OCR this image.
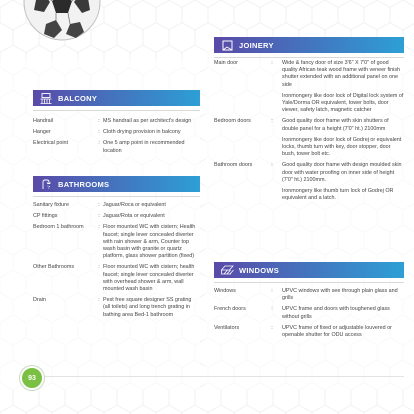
JOINERY
Main door	:	Wide & fancy door of size 3'6" X 7'0" of good quality African teak wood frame with veneer finish shutter extended with an additional panel on one side
Ironmongery like door lock of Digital lock system of Yale/Dorma OR equivalent, tower bolts, door viewer, safety latch, magnetic catcher
Bedroom doors	:	Good quality door frame with skin shutters of double panel for a height (7'0" ht.) 2100mm
Ironmongery like door lock of Godrej or equivalent locks, thumb turn with key, door stopper, door bush, tower bolt etc.
Bathroom doors	:	Good quality door frame with design moulded skin door with water proofing on inner side of height (7'0" ht.) 2100mm.
Ironmongery like thumb turn lock of Godrej OR equivalent and a latch.
BALCONY
Handrail	: MS handrail as per architect's design
Hanger	: Cloth drying provision in balcony
Electrical point	: One 5 amp point in recommended location
BATHROOMS
Sanitary fixture	: Jaguar/Roca or equivalent
CP fittings	: Jaguar/Rota or equivalent
Bedroom 1 bathroom	: Floor mounted WC with cistern; Health faucet; single lever concealed diverter with rain shower & arm, Counter top wash basin with granite or quartz platform, glass shower partition (fixed)
Other Bathrooms	: Floor mounted WC with cistern; health faucet; single lever concealed diverter with overhead shower & arm, wall mounted wash basin
Drain	: Pest free square designer SS grating (all toilets) and long trench grating in bathing area Bed-1 bathroom
WINDOWS
Windows	:	UPVC windows with see through plain glass and grills
French doors	:	UPVC frame and doors with toughened glass without grills
Ventilators	:	UPVC frame of fixed or adjustable louvered or openable shutter for ODU access
93
